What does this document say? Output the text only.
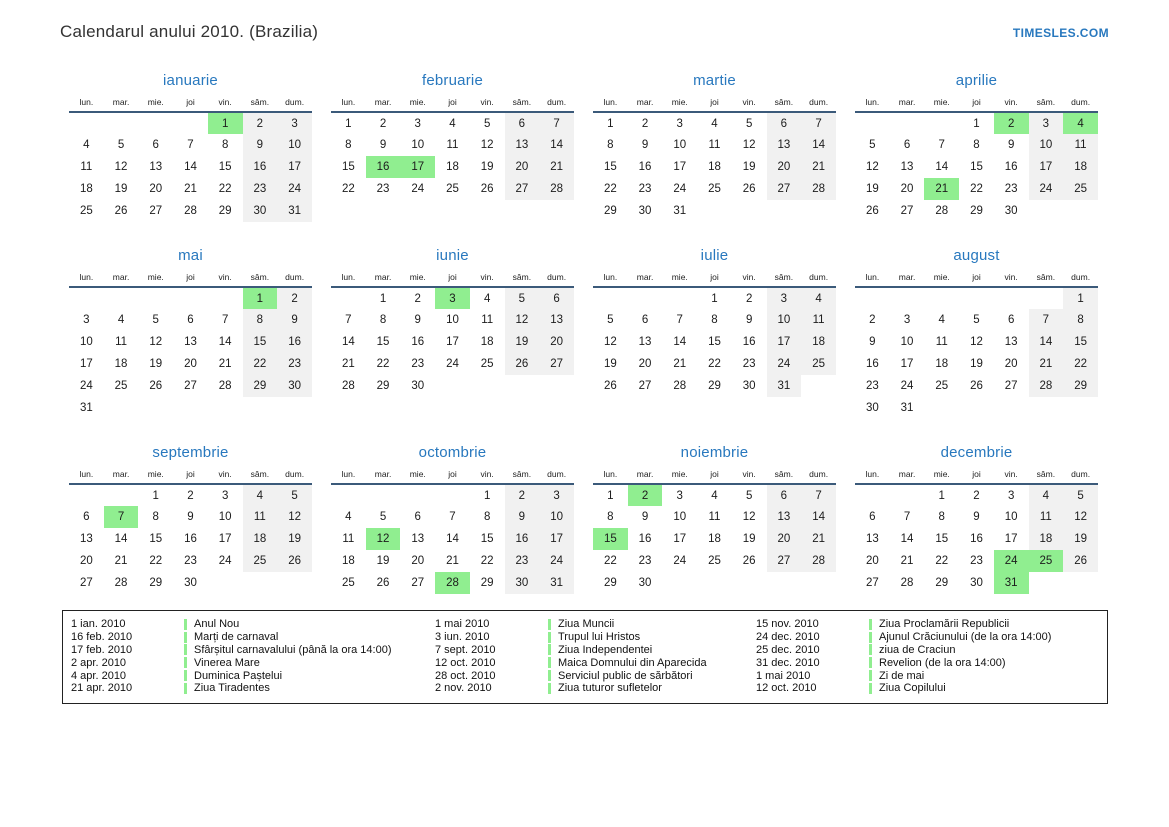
Calendarul anului 2010. (Brazilia)	TIMESLES.COM
ianuarie
lun.	mar.	mie.	joi	vin.	sâm.	dum.
				1	2	3
4	5	6	7	8	9	10
11	12	13	14	15	16	17
18	19	20	21	22	23	24
25	26	27	28	29	30	31
februarie
lun.	mar.	mie.	joi	vin.	sâm.	dum.
1	2	3	4	5	6	7
8	9	10	11	12	13	14
15	16	17	18	19	20	21
22	23	24	25	26	27	28
martie
lun.	mar.	mie.	joi	vin.	sâm.	dum.
1	2	3	4	5	6	7
8	9	10	11	12	13	14
15	16	17	18	19	20	21
22	23	24	25	26	27	28
29	30	31				
aprilie
lun.	mar.	mie.	joi	vin.	sâm.	dum.
			1	2	3	4
5	6	7	8	9	10	11
12	13	14	15	16	17	18
19	20	21	22	23	24	25
26	27	28	29	30		
mai
lun.	mar.	mie.	joi	vin.	sâm.	dum.
					1	2
3	4	5	6	7	8	9
10	11	12	13	14	15	16
17	18	19	20	21	22	23
24	25	26	27	28	29	30
31						
iunie
lun.	mar.	mie.	joi	vin.	sâm.	dum.
	1	2	3	4	5	6
7	8	9	10	11	12	13
14	15	16	17	18	19	20
21	22	23	24	25	26	27
28	29	30				
iulie
lun.	mar.	mie.	joi	vin.	sâm.	dum.
			1	2	3	4
5	6	7	8	9	10	11
12	13	14	15	16	17	18
19	20	21	22	23	24	25
26	27	28	29	30	31	
august
lun.	mar.	mie.	joi	vin.	sâm.	dum.
						1
2	3	4	5	6	7	8
9	10	11	12	13	14	15
16	17	18	19	20	21	22
23	24	25	26	27	28	29
30	31					
septembrie
lun.	mar.	mie.	joi	vin.	sâm.	dum.
		1	2	3	4	5
6	7	8	9	10	11	12
13	14	15	16	17	18	19
20	21	22	23	24	25	26
27	28	29	30			
octombrie
lun.	mar.	mie.	joi	vin.	sâm.	dum.
				1	2	3
4	5	6	7	8	9	10
11	12	13	14	15	16	17
18	19	20	21	22	23	24
25	26	27	28	29	30	31
noiembrie
lun.	mar.	mie.	joi	vin.	sâm.	dum.
1	2	3	4	5	6	7
8	9	10	11	12	13	14
15	16	17	18	19	20	21
22	23	24	25	26	27	28
29	30					
decembrie
lun.	mar.	mie.	joi	vin.	sâm.	dum.
		1	2	3	4	5
6	7	8	9	10	11	12
13	14	15	16	17	18	19
20	21	22	23	24	25	26
27	28	29	30	31		
1 ian. 2010	Anul Nou
16 feb. 2010	Marți de carnaval
17 feb. 2010	Sfârșitul carnavalului (până la ora 14:00)
2 apr. 2010	Vinerea Mare
4 apr. 2010	Duminica Paștelui
21 apr. 2010	Ziua Tiradentes
1 mai 2010	Ziua Muncii
3 iun. 2010	Trupul lui Hristos
7 sept. 2010	Ziua Independentei
12 oct. 2010	Maica Domnului din Aparecida
28 oct. 2010	Serviciul public de sărbători
2 nov. 2010	Ziua tuturor sufletelor
15 nov. 2010	Ziua Proclamării Republicii
24 dec. 2010	Ajunul Crăciunului (de la ora 14:00)
25 dec. 2010	ziua de Craciun
31 dec. 2010	Revelion (de la ora 14:00)
1 mai 2010	Zi de mai
12 oct. 2010	Ziua Copilului
